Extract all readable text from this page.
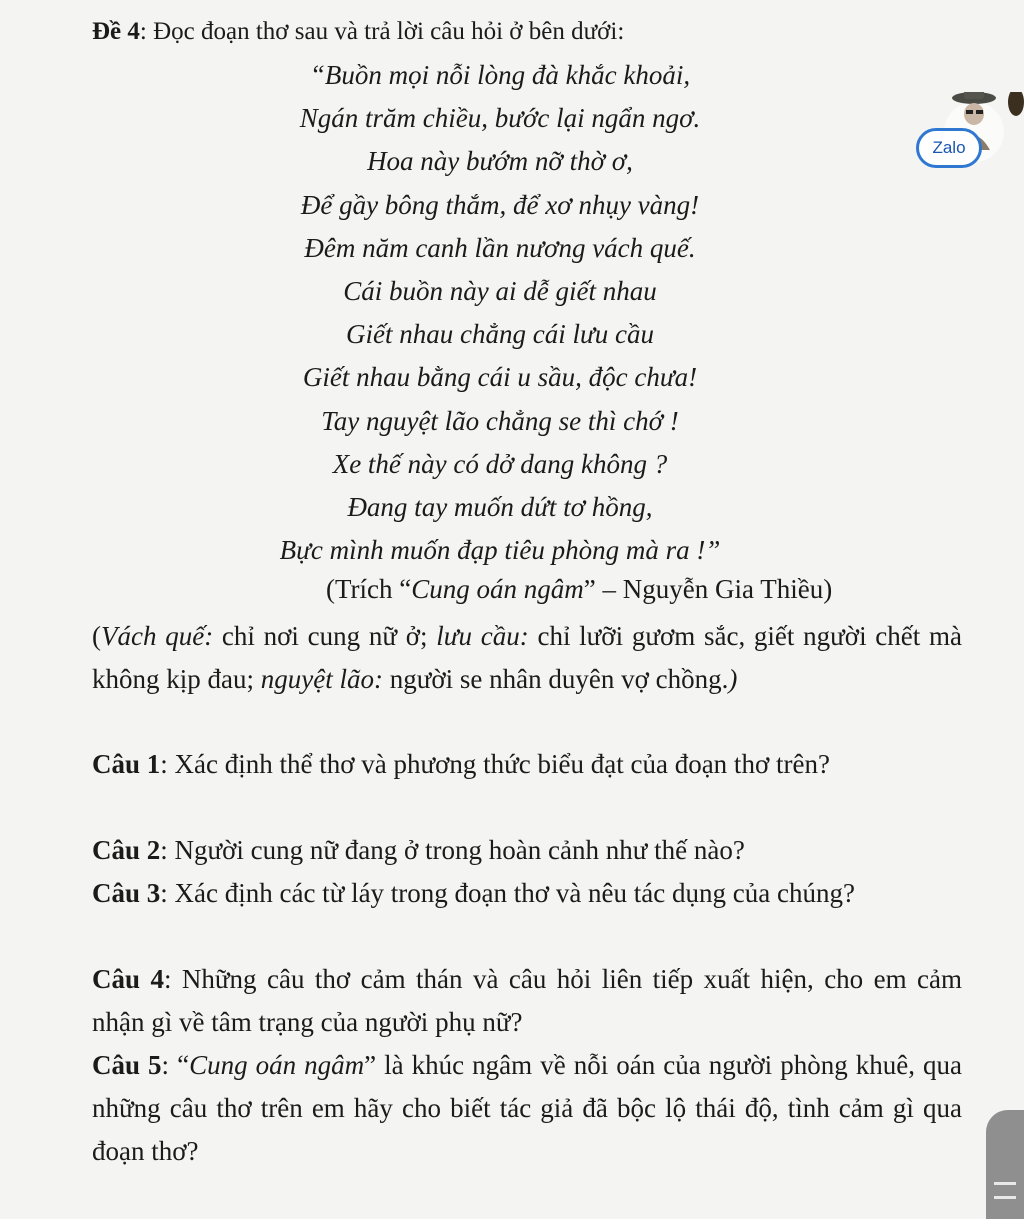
Đề 4: Đọc đoạn thơ sau và trả lời câu hỏi ở bên dưới:
“Buồn mọi nỗi lòng đà khắc khoải,
Ngán trăm chiều, bước lại ngẩn ngơ.
Hoa này bướm nỡ thờ ơ,
Để gầy bông thắm, để xơ nhụy vàng!
Đêm năm canh lần nương vách quế.
Cái buồn này ai dễ giết nhau
Giết nhau chẳng cái lưu cầu
Giết nhau bằng cái u sầu, độc chưa!
Tay nguyệt lão chẳng se thì chớ !
Xe thế này có dở dang không ?
Đang tay muốn dứt tơ hồng,
Bực mình muốn đạp tiêu phòng mà ra !”
(Trích “Cung oán ngâm” – Nguyễn Gia Thiều)
(Vách quế: chỉ nơi cung nữ ở; lưu cầu: chỉ lưỡi gươm sắc, giết người chết mà không kịp đau; nguyệt lão: người se nhân duyên vợ chồng.)
Câu 1: Xác định thể thơ và phương thức biểu đạt của đoạn thơ trên?
Câu 2: Người cung nữ đang ở trong hoàn cảnh như thế nào?
Câu 3: Xác định các từ láy trong đoạn thơ và nêu tác dụng của chúng?
Câu 4: Những câu thơ cảm thán và câu hỏi liên tiếp xuất hiện, cho em cảm nhận gì về tâm trạng của người phụ nữ?
Câu 5: “Cung oán ngâm” là khúc ngâm về nỗi oán của người phòng khuê, qua những câu thơ trên em hãy cho biết tác giả đã bộc lộ thái độ, tình cảm gì qua đoạn thơ?
Zalo
